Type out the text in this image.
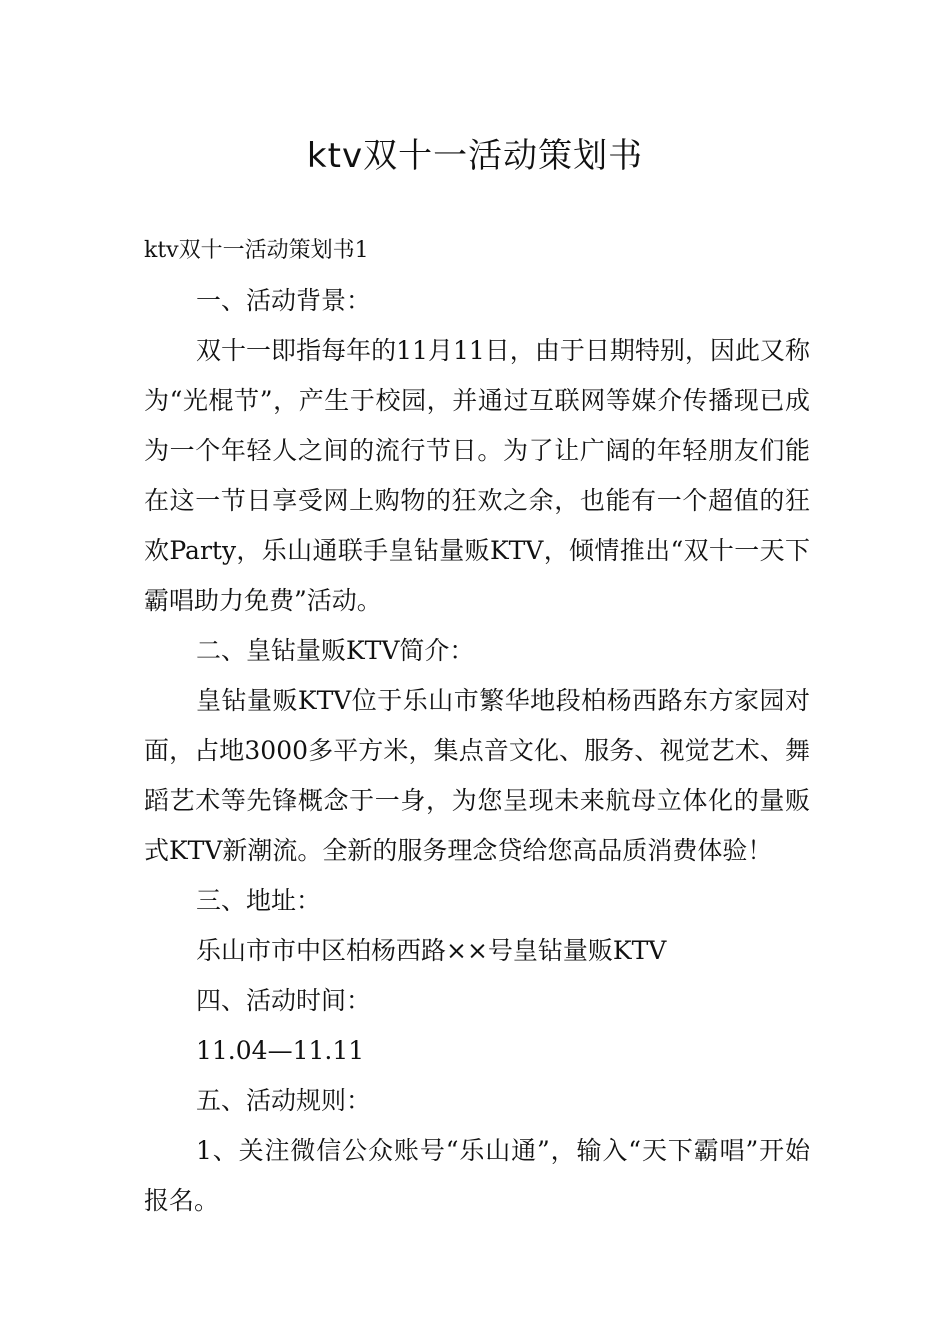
ktv双十一活动策划书

ktv双十一活动策划书1

一、活动背景：

双十一即指每年的11月11日，由于日期特别，因此又称为“光棍节”，产生于校园，并通过互联网等媒介传播现已成为一个年轻人之间的流行节日。为了让广阔的年轻朋友们能在这一节日享受网上购物的狂欢之余，也能有一个超值的狂欢Party，乐山通联手皇钻量贩KTV，倾情推出“双十一天下霸唱助力免费”活动。

二、皇钻量贩KTV简介：

皇钻量贩KTV位于乐山市繁华地段柏杨西路东方家园对面，占地3000多平方米，集点音文化、服务、视觉艺术、舞蹈艺术等先锋概念于一身，为您呈现未来航母立体化的量贩式KTV新潮流。全新的服务理念贷给您高品质消费体验！

三、地址：

乐山市市中区柏杨西路××号皇钻量贩KTV

四、活动时间：

11.04—11.11

五、活动规则：

1、关注微信公众账号“乐山通”，输入“天下霸唱”开始报名。
